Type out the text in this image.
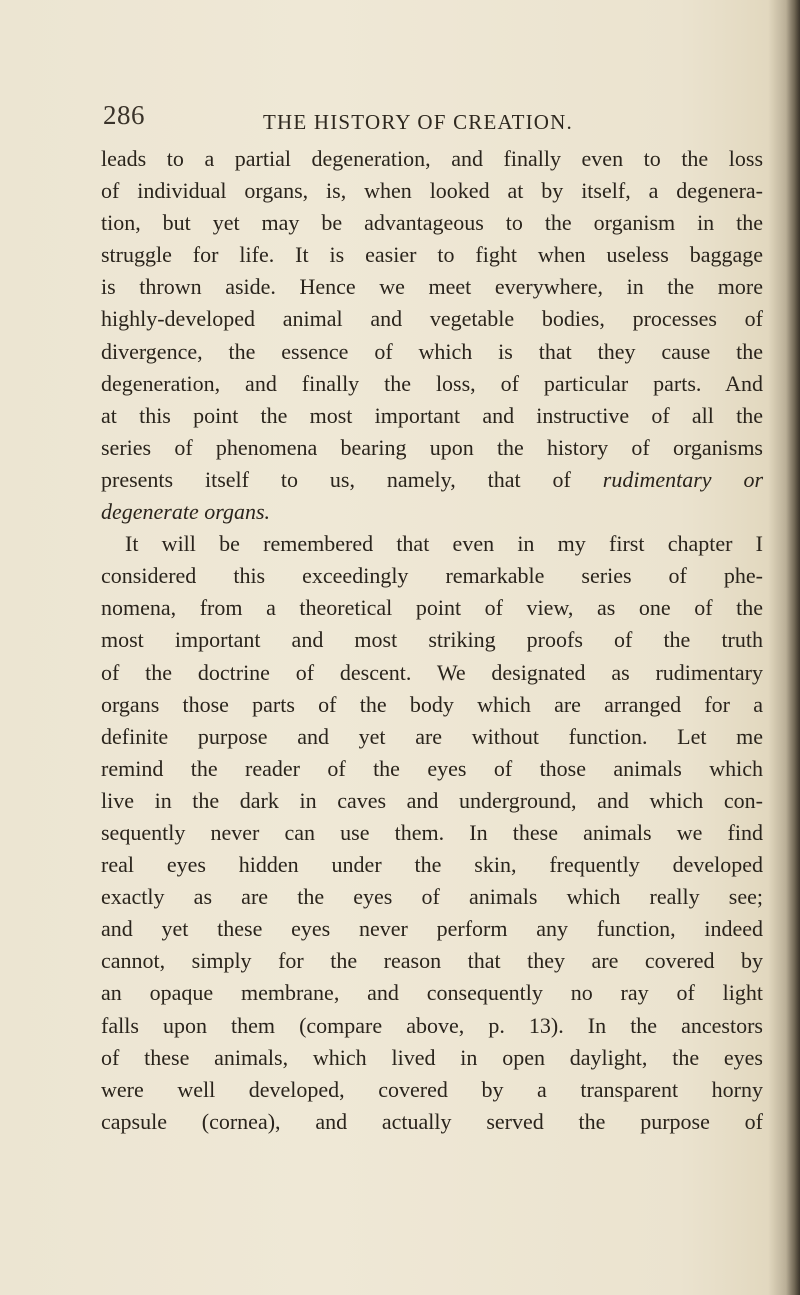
286	THE HISTORY OF CREATION.
leads to a partial degeneration, and finally even to the loss
of individual organs, is, when looked at by itself, a degenera-
tion, but yet may be advantageous to the organism in the
struggle for life. It is easier to fight when useless baggage
is thrown aside. Hence we meet everywhere, in the more
highly-developed animal and vegetable bodies, processes of
divergence, the essence of which is that they cause the
degeneration, and finally the loss, of particular parts. And
at this point the most important and instructive of all the
series of phenomena bearing upon the history of organisms
presents itself to us, namely, that of rudimentary or
degenerate organs.
It will be remembered that even in my first chapter I
considered this exceedingly remarkable series of phe-
nomena, from a theoretical point of view, as one of the
most important and most striking proofs of the truth
of the doctrine of descent. We designated as rudimentary
organs those parts of the body which are arranged for a
definite purpose and yet are without function. Let me
remind the reader of the eyes of those animals which
live in the dark in caves and underground, and which con-
sequently never can use them. In these animals we find
real eyes hidden under the skin, frequently developed
exactly as are the eyes of animals which really see;
and yet these eyes never perform any function, indeed
cannot, simply for the reason that they are covered by
an opaque membrane, and consequently no ray of light
falls upon them (compare above, p. 13). In the ancestors
of these animals, which lived in open daylight, the eyes
were well developed, covered by a transparent horny
capsule (cornea), and actually served the purpose of
